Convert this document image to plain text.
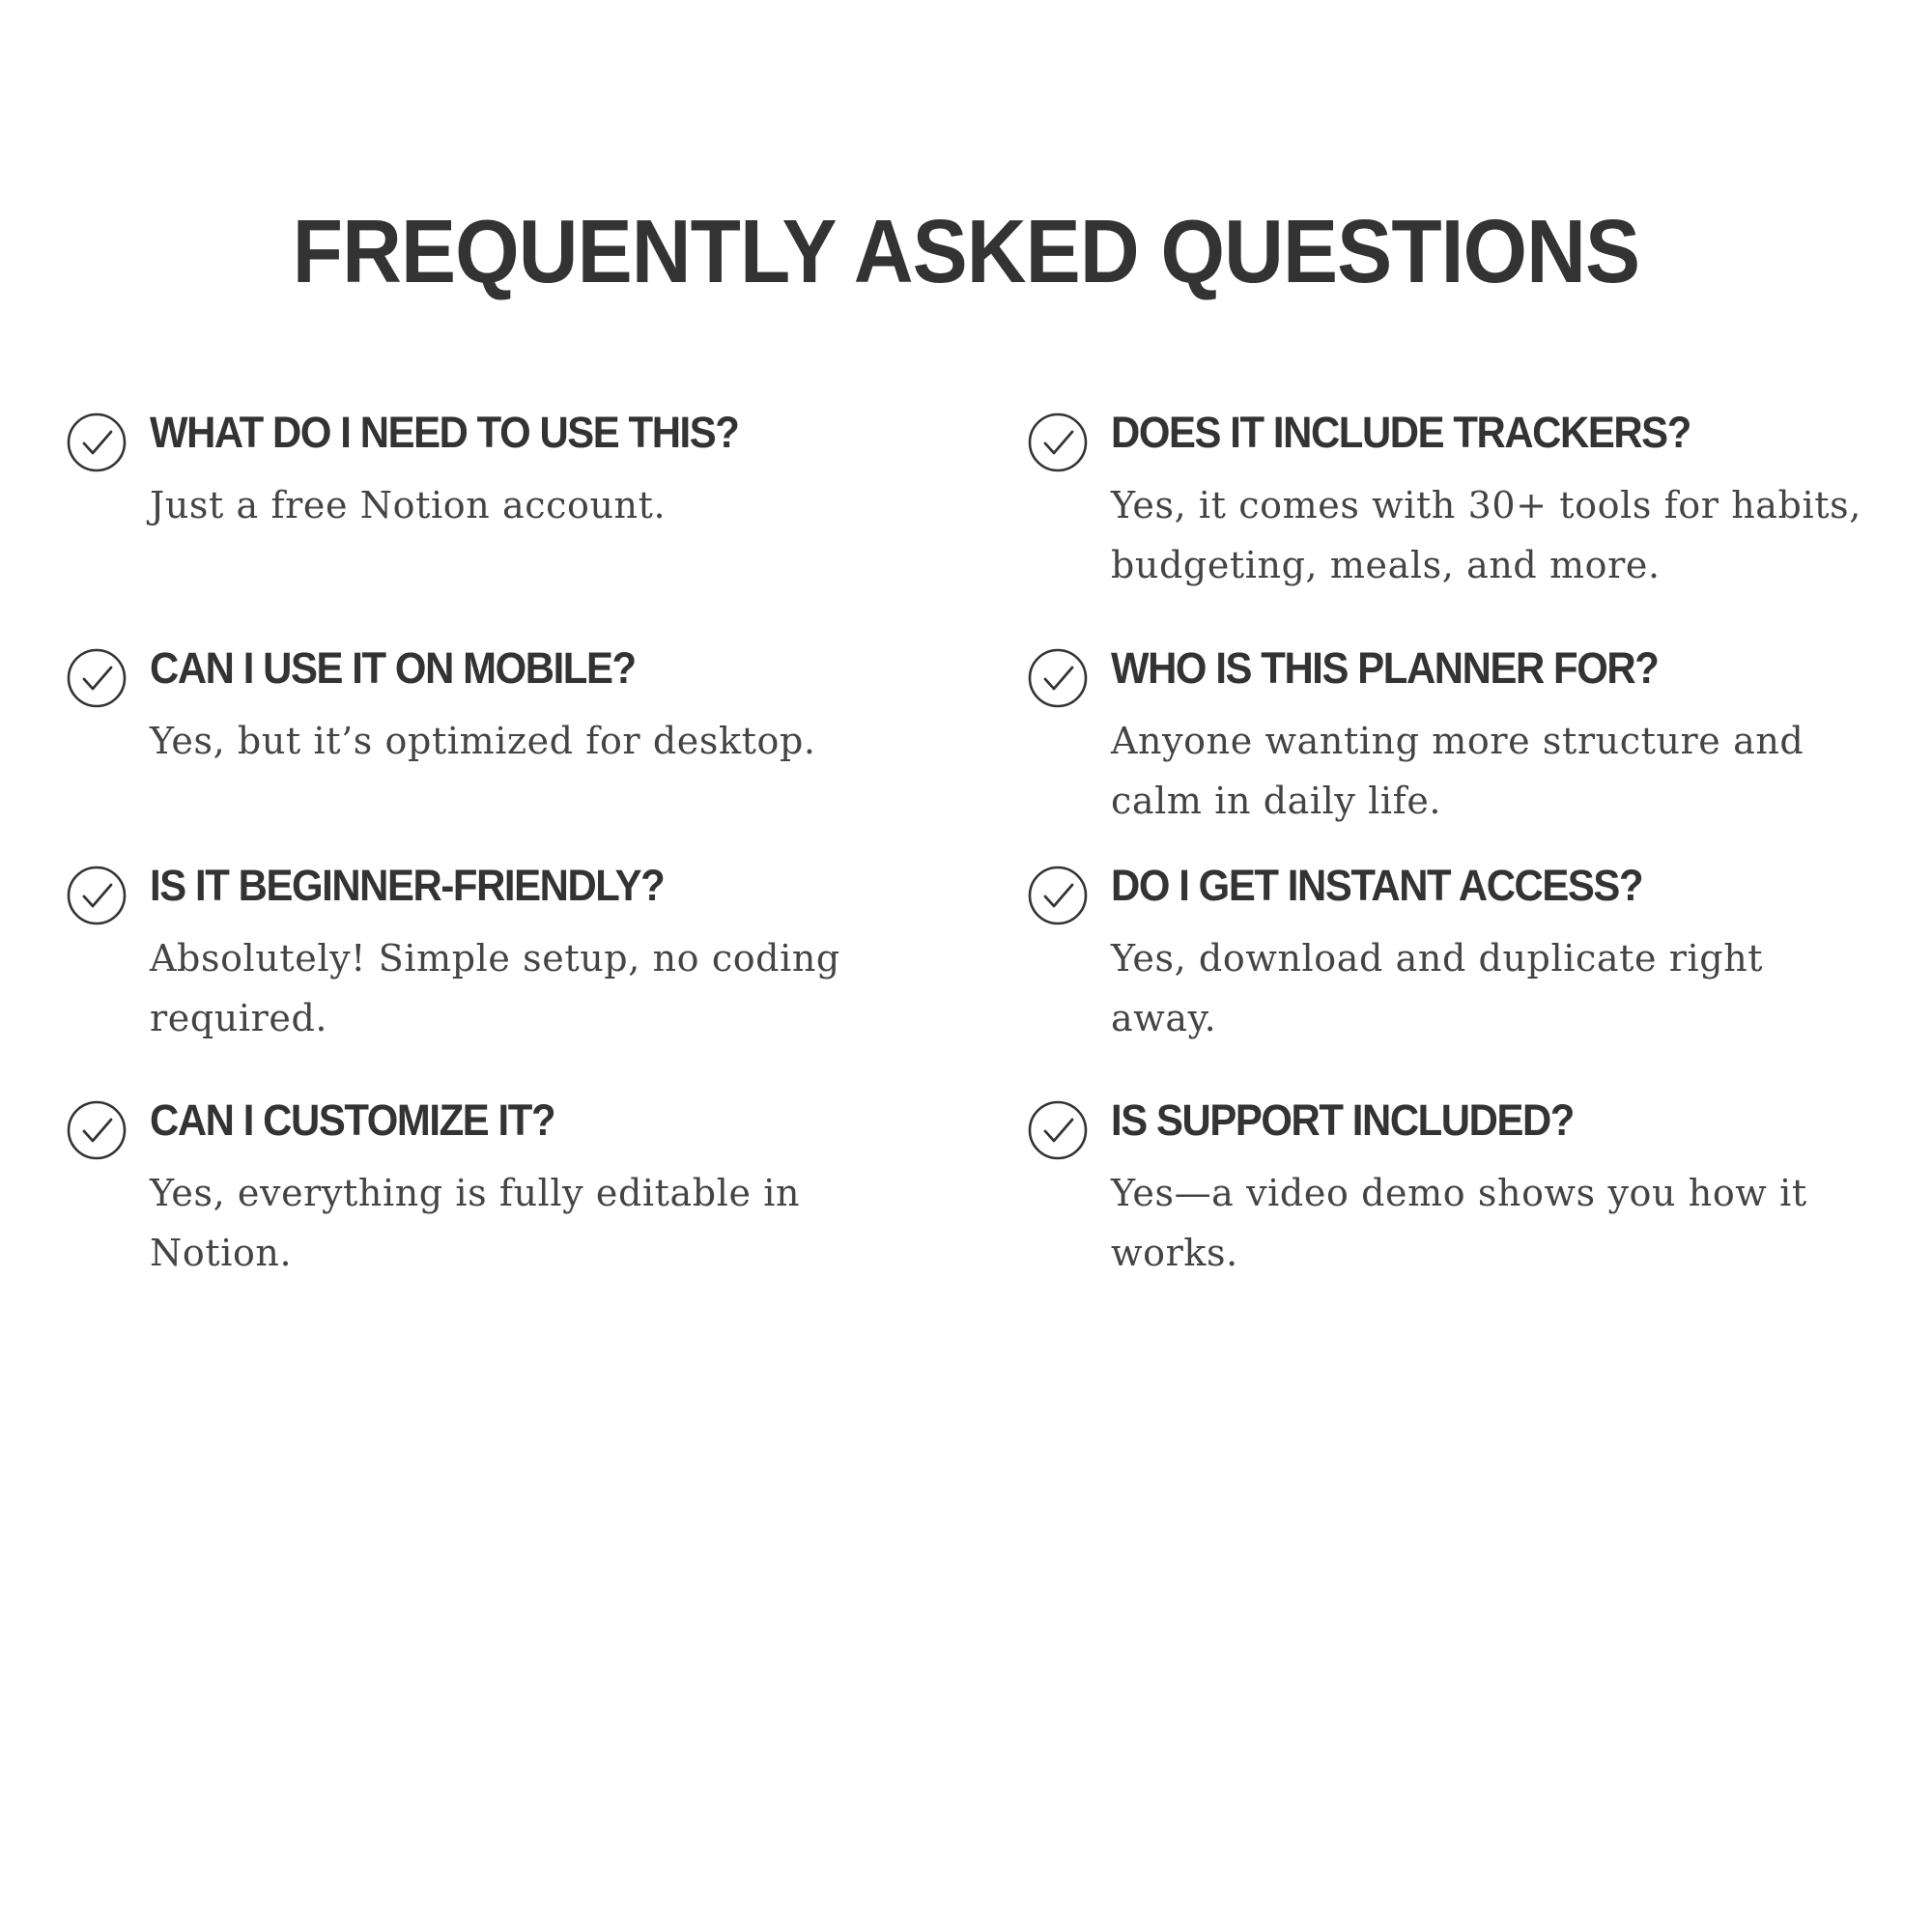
FREQUENTLY ASKED QUESTIONS
WHAT DO I NEED TO USE THIS?

Just a free Notion account.

DOES IT INCLUDE TRACKERS?

Yes, it comes with 30+ tools for habits, budgeting, meals, and more.

CAN I USE IT ON MOBILE?

Yes, but it’s optimized for desktop.

WHO IS THIS PLANNER FOR?

Anyone wanting more structure and calm in daily life.

IS IT BEGINNER-FRIENDLY?

Absolutely! Simple setup, no coding required.

DO I GET INSTANT ACCESS?

Yes, download and duplicate right away.

CAN I CUSTOMIZE IT?

Yes, everything is fully editable in Notion.

IS SUPPORT INCLUDED?

Yes—a video demo shows you how it works.
